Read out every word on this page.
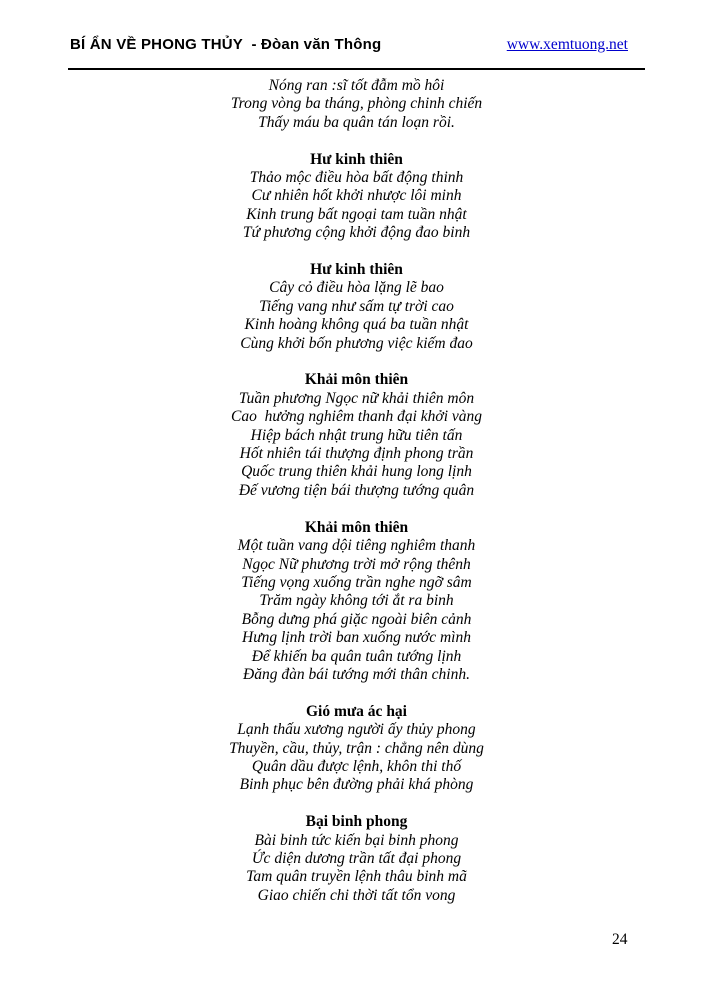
BÍ ẨN VỀ PHONG THỦY  - Đòan văn Thông	www.xemtuong.net
Nóng ran :sĩ tốt đẫm mồ hôi
Trong vòng ba tháng, phòng chinh chiến
Thấy máu ba quân tán loạn rồi.
Hư kinh thiên
Thảo mộc điều hòa bất động thinh
Cư nhiên hốt khởi nhược lôi minh
Kinh trung bất ngoại tam tuần nhật
Tứ phương cộng khởi động đao binh
Hư kinh thiên
Cây cỏ điều hòa lặng lẽ bao
Tiếng vang như sấm tự trời cao
Kinh hoàng không quá ba tuần nhật
Cùng khởi bốn phương việc kiếm đao
Khải môn thiên
Tuần phương Ngọc nữ khải thiên môn
Cao  hưởng nghiêm thanh đại khởi vàng
Hiệp bách nhật trung hữu tiên tấn
Hốt nhiên tái thượng định phong trần
Quốc trung thiên khải hung long lịnh
Đế vương tiện bái thượng tướng quân
Khải môn thiên
Một tuần vang dội tiêng nghiêm thanh
Ngọc Nữ phương trời mở rộng thênh
Tiếng vọng xuống trần nghe ngỡ sâm
Trăm ngày không tới ắt ra binh
Bỗng dưng phá giặc ngoài biên cảnh
Hưng lịnh trời ban xuống nước mình
Để khiến ba quân tuân tướng lịnh
Đăng đàn bái tướng mới thân chinh.
Gió mưa ác hại
Lạnh thấu xương người ấy thủy phong
Thuyền, cầu, thủy, trận : chẳng nên dùng
Quân dầu được lệnh, khôn thi thố
Binh phục bên đường phải khá phòng
Bại binh phong
Bài binh tức kiến bại binh phong
Ức diện dương trần tất đại phong
Tam quân truyền lệnh thâu binh mã
Giao chiến chi thời tất tổn vong
24
